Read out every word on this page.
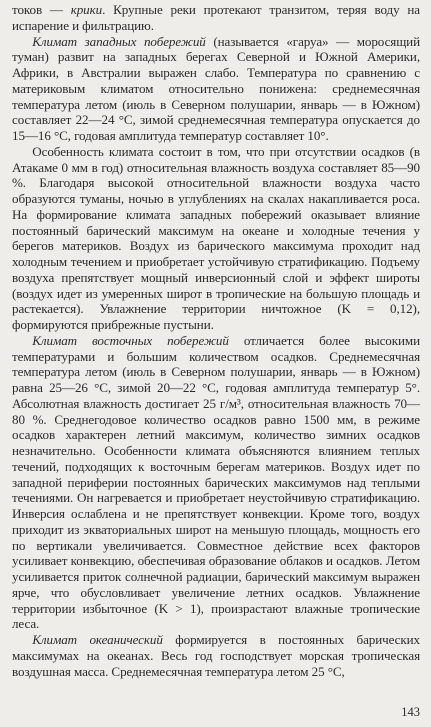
токов — крики. Крупные реки протекают транзитом, теряя воду на испарение и фильтрацию.

Климат западных побережий (называется «гаруа» — моросящий туман) развит на западных берегах Северной и Южной Америки, Африки, в Австралии выражен слабо. Температура по сравнению с материковым климатом относительно понижена: среднемесячная температура летом (июль в Северном полушарии, январь — в Южном) составляет 22—24 °С, зимой среднемесячная температура опускается до 15—16 °С, годовая амплитуда температур составляет 10°.

Особенность климата состоит в том, что при отсутствии осадков (в Атакаме 0 мм в год) относительная влажность воздуха составляет 85—90 %. Благодаря высокой относительной влажности воздуха часто образуются туманы, ночью в углублениях на скалах накапливается роса. На формирование климата западных побережий оказывает влияние постоянный барический максимум на океане и холодные течения у берегов материков. Воздух из барического максимума проходит над холодным течением и приобретает устойчивую стратификацию. Подъему воздуха препятствует мощный инверсионный слой и эффект широты (воздух идет из умеренных широт в тропические на большую площадь и растекается). Увлажнение территории ничтожное (K = 0,12), формируются прибрежные пустыни.

Климат восточных побережий отличается более высокими температурами и большим количеством осадков. Среднемесячная температура летом (июль в Северном полушарии, январь — в Южном) равна 25—26 °С, зимой 20—22 °С, годовая амплитуда температур 5°. Абсолютная влажность достигает 25 г/м³, относительная влажность 70—80 %. Среднегодовое количество осадков равно 1500 мм, в режиме осадков характерен летний максимум, количество зимних осадков незначительно. Особенности климата объясняются влиянием теплых течений, подходящих к восточным берегам материков. Воздух идет по западной периферии постоянных барических максимумов над теплыми течениями. Он нагревается и приобретает неустойчивую стратификацию. Инверсия ослаблена и не препятствует конвекции. Кроме того, воздух приходит из экваториальных широт на меньшую площадь, мощность его по вертикали увеличивается. Совместное действие всех факторов усиливает конвекцию, обеспечивая образование облаков и осадков. Летом усиливается приток солнечной радиации, барический максимум выражен ярче, что обусловливает увеличение летних осадков. Увлажнение территории избыточное (K > 1), произрастают влажные тропические леса.

Климат океанический формируется в постоянных барических максимумах на океанах. Весь год господствует морская тропическая воздушная масса. Среднемесячная температура летом 25 °С,

143
